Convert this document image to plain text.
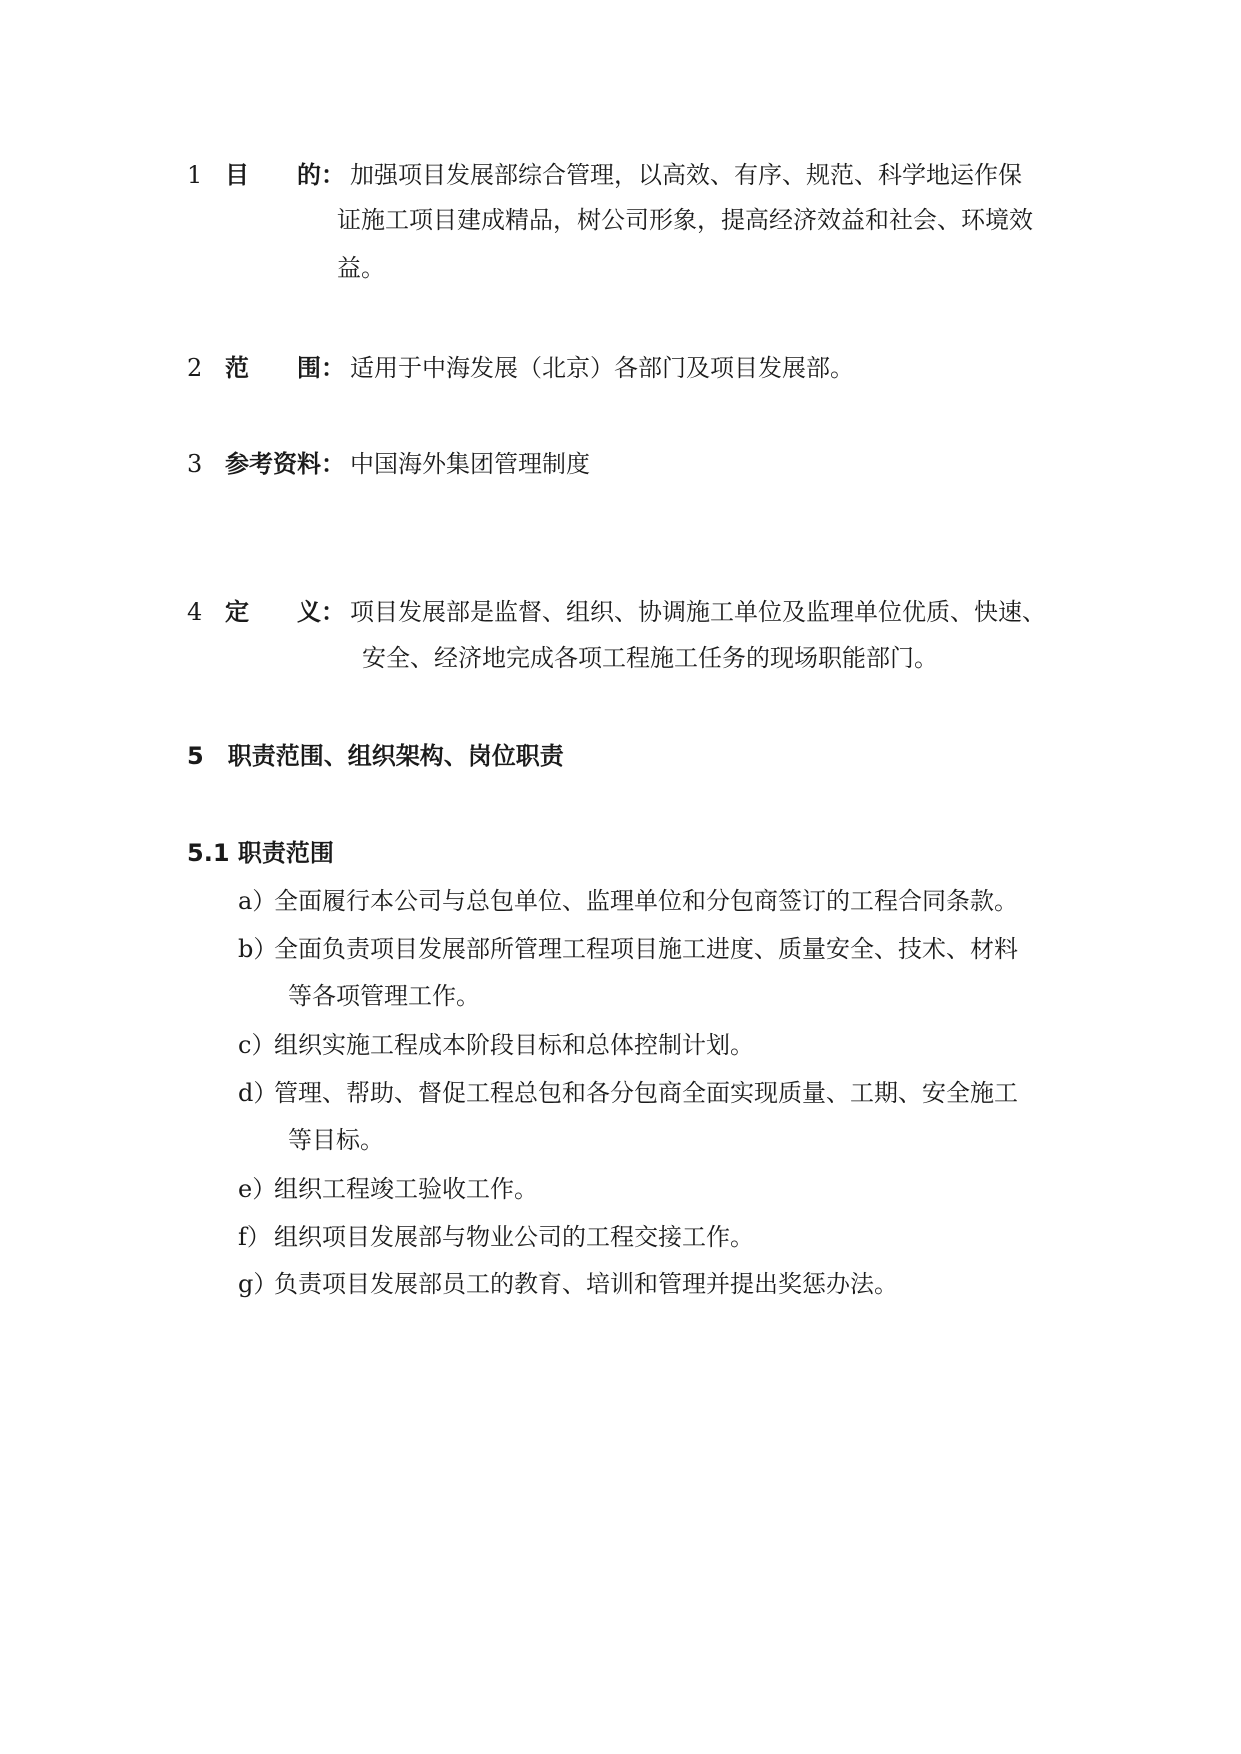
1 目　　的： 加强项目发展部综合管理，以高效、有序、规范、科学地运作保
证施工项目建成精品，树公司形象，提高经济效益和社会、环境效
益。
2 范　　围： 适用于中海发展（北京）各部门及项目发展部。
3 参考资料： 中国海外集团管理制度
4 定　　义： 项目发展部是监督、组织、协调施工单位及监理单位优质、快速、
安全、经济地完成各项工程施工任务的现场职能部门。
5　职责范围、组织架构、岗位职责
5.1 职责范围
a）全面履行本公司与总包单位、监理单位和分包商签订的工程合同条款。
b）全面负责项目发展部所管理工程项目施工进度、质量安全、技术、材料
等各项管理工作。
c）组织实施工程成本阶段目标和总体控制计划。
d）管理、帮助、督促工程总包和各分包商全面实现质量、工期、安全施工
等目标。
e）组织工程竣工验收工作。
f） 组织项目发展部与物业公司的工程交接工作。
g）负责项目发展部员工的教育、培训和管理并提出奖惩办法。
